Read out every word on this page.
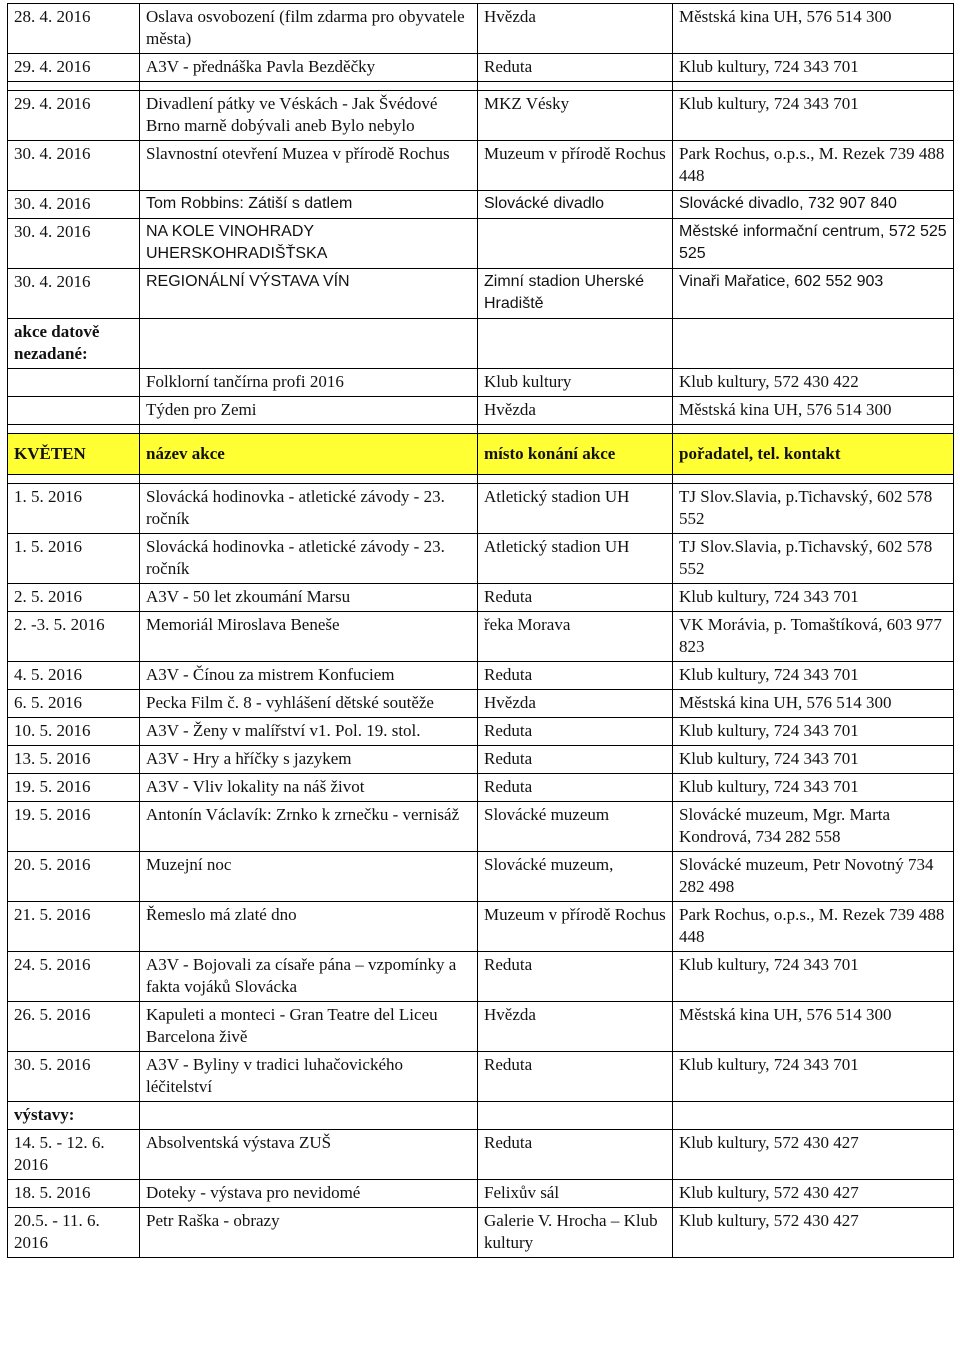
28. 4. 2016	Oslava osvobození (film zdarma pro obyvatele města)	Hvězda	Městská kina UH, 576 514 300
29. 4. 2016	A3V - přednáška Pavla Bezděčky	Reduta	Klub kultury, 724 343 701

29. 4. 2016	Divadlení pátky ve Véskách - Jak Švédové Brno marně dobývali aneb Bylo nebylo	MKZ Vésky	Klub kultury, 724 343 701
30. 4. 2016	Slavnostní otevření Muzea v přírodě Rochus	Muzeum v přírodě Rochus	Park Rochus, o.p.s., M. Rezek 739 488 448
30. 4. 2016	Tom Robbins: Zátiší s datlem	Slovácké divadlo	Slovácké divadlo, 732 907 840
30. 4. 2016	NA KOLE VINOHRADY UHERSKOHRADIŠŤSKA		Městské informační centrum, 572 525 525
30. 4. 2016	REGIONÁLNÍ VÝSTAVA VÍN	Zimní stadion Uherské Hradiště	Vinaři Mařatice, 602 552 903
akce datově nezadané:			
	Folklorní tančírna profi 2016	Klub kultury	Klub kultury, 572 430 422
	Týden pro Zemi	Hvězda	Městská kina UH, 576 514 300

KVĚTEN	název akce	místo konání akce	pořadatel, tel. kontakt

1. 5. 2016	Slovácká hodinovka - atletické závody - 23. ročník	Atletický stadion UH	TJ Slov.Slavia, p.Tichavský, 602 578 552
1. 5. 2016	Slovácká hodinovka - atletické závody - 23. ročník	Atletický stadion UH	TJ Slov.Slavia, p.Tichavský, 602 578 552
2. 5. 2016	A3V - 50 let zkoumání Marsu	Reduta	Klub kultury, 724 343 701
2. -3. 5. 2016	Memoriál Miroslava Beneše	řeka Morava	VK Morávia, p. Tomaštíková, 603 977 823
4. 5. 2016	A3V - Čínou za mistrem Konfuciem	Reduta	Klub kultury, 724 343 701
6. 5. 2016	Pecka Film č. 8 - vyhlášení dětské soutěže	Hvězda	Městská kina UH, 576 514 300
10. 5. 2016	A3V - Ženy v malířství v1. Pol. 19. stol.	Reduta	Klub kultury, 724 343 701
13. 5. 2016	A3V - Hry a hříčky s jazykem	Reduta	Klub kultury, 724 343 701
19. 5. 2016	A3V - Vliv lokality na náš život	Reduta	Klub kultury, 724 343 701
19. 5. 2016	Antonín Václavík: Zrnko k zrnečku - vernisáž	Slovácké muzeum	Slovácké muzeum, Mgr. Marta Kondrová, 734 282 558
20. 5. 2016	Muzejní noc	Slovácké muzeum,	Slovácké muzeum, Petr Novotný 734 282 498
21. 5. 2016	Řemeslo má zlaté dno	Muzeum v přírodě Rochus	Park Rochus, o.p.s., M. Rezek 739 488 448
24. 5. 2016	A3V - Bojovali za císaře pána – vzpomínky a fakta vojáků Slovácka	Reduta	Klub kultury, 724 343 701
26. 5. 2016	Kapuleti a monteci - Gran Teatre del Liceu Barcelona živě	Hvězda	Městská kina UH, 576 514 300
30. 5. 2016	A3V - Byliny v tradici luhačovického léčitelství	Reduta	Klub kultury, 724 343 701
výstavy:			
14. 5. - 12. 6. 2016	Absolventská výstava ZUŠ	Reduta	Klub kultury, 572 430 427
18. 5. 2016	Doteky - výstava pro nevidomé	Felixův sál	Klub kultury, 572 430 427
20.5. - 11. 6. 2016	Petr Raška - obrazy	Galerie V. Hrocha – Klub kultury	Klub kultury, 572 430 427
